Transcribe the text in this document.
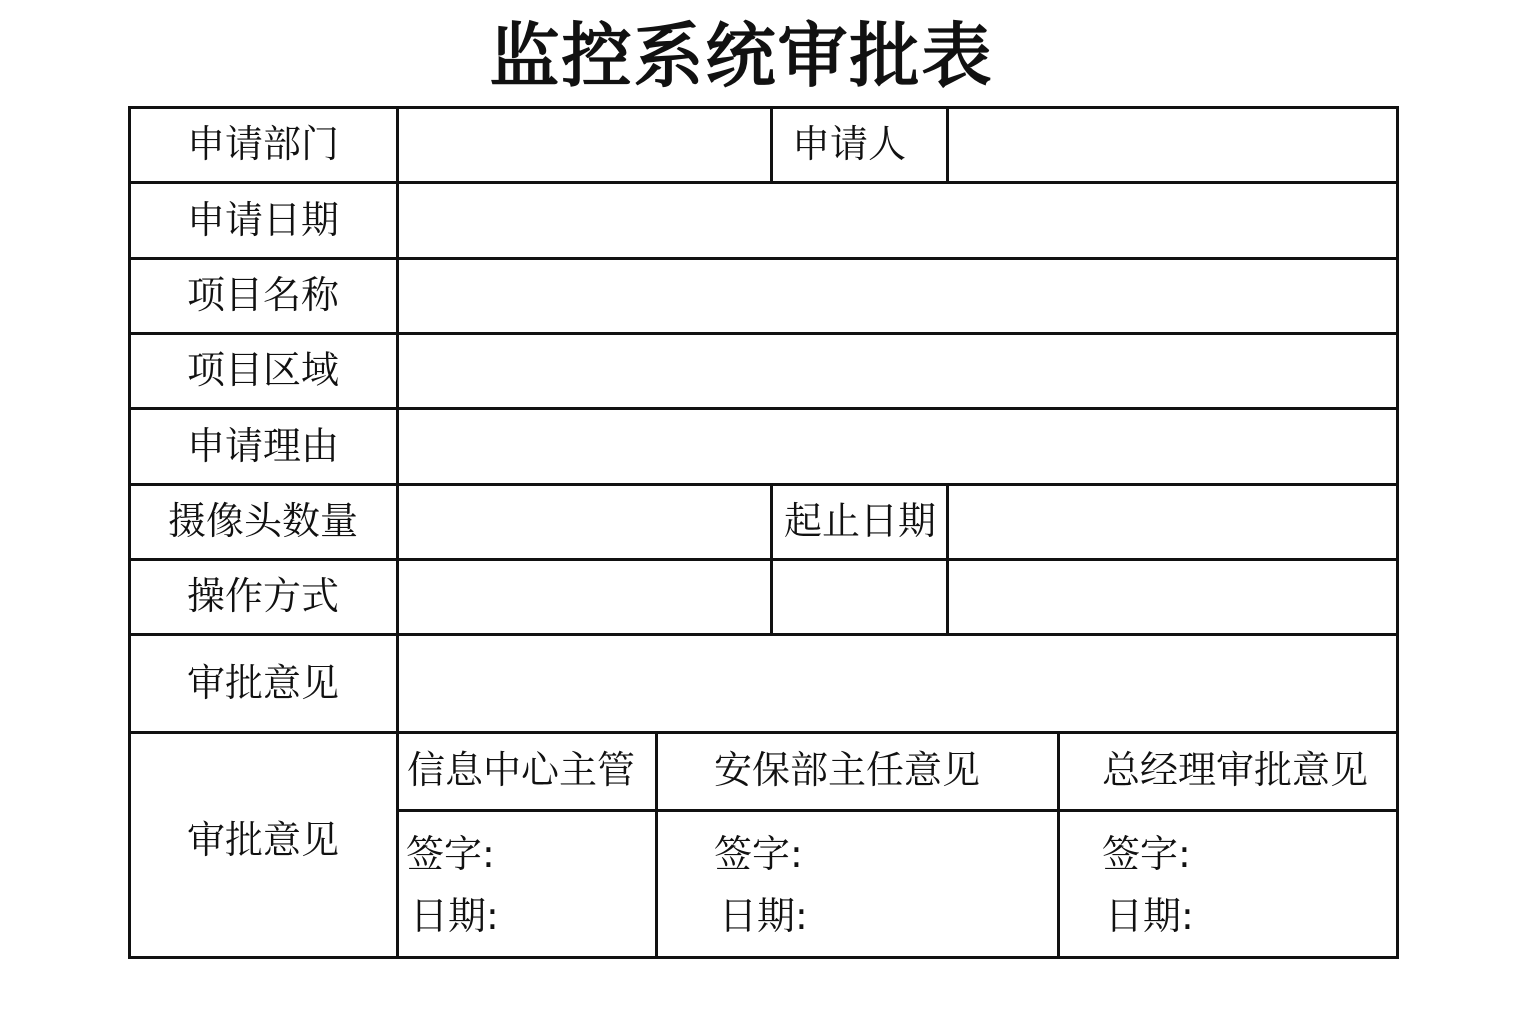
监控系统审批表
申请部门
申请日期
项目名称
项目区域
申请理由
摄像头数量
操作方式
审批意见
审批意见
申请人
起止日期
信息中心主管 安保部主任意见	总经理审批意见
签字:
日期:
签字:
日期:
签字:
日期:
